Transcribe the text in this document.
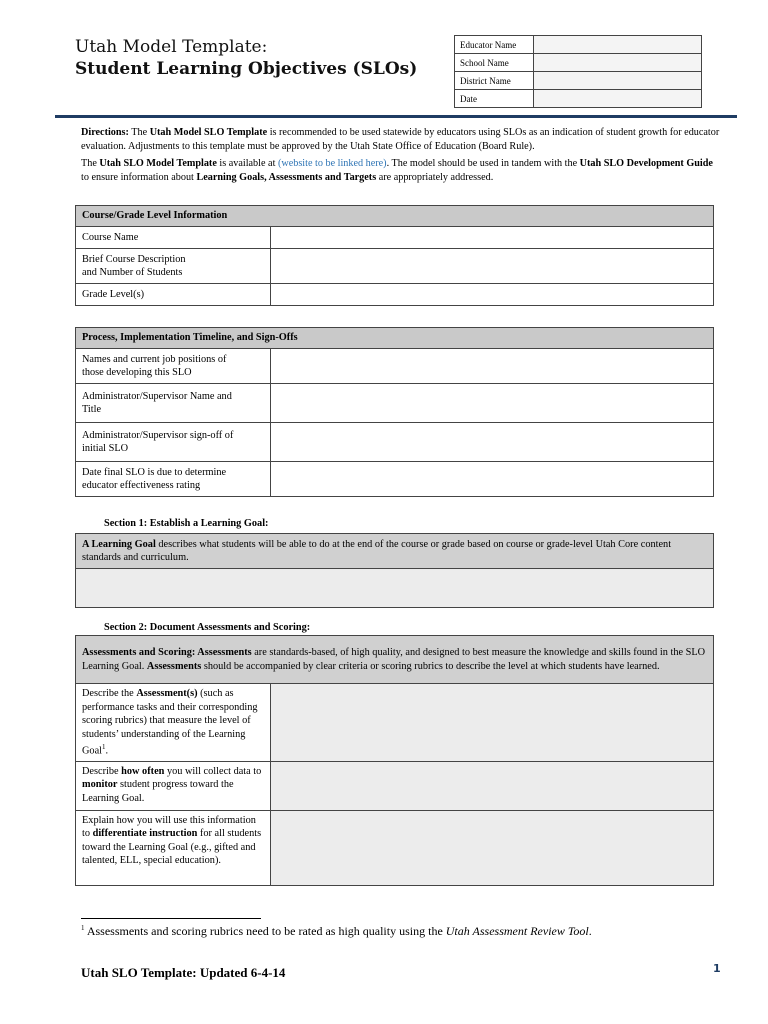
Utah Model Template:
Student Learning Objectives (SLOs)
Educator Name	
School Name	
District Name	
Date	
Directions: The Utah Model SLO Template is recommended to be used statewide by educators using SLOs as an indication of student growth for educator evaluation. Adjustments to this template must be approved by the Utah State Office of Education (Board Rule).
The Utah SLO Model Template is available at (website to be linked here). The model should be used in tandem with the Utah SLO Development Guide to ensure information about Learning Goals, Assessments and Targets are appropriately addressed.
Course/Grade Level Information	
Course Name	
Brief Course Description
and Number of Students	
Grade Level(s)	
Process, Implementation Timeline, and Sign-Offs	
Names and current job positions of
those developing this SLO	
Administrator/Supervisor Name and
Title	
Administrator/Supervisor sign-off of
initial SLO	
Date final SLO is due to determine
educator effectiveness rating	
Section 1: Establish a Learning Goal:
A Learning Goal describes what students will be able to do at the end of the course or grade based on course or grade-level Utah Core content standards and curriculum.

Section 2: Document Assessments and Scoring:
Assessments and Scoring: Assessments are standards-based, of high quality, and designed to best measure the knowledge and skills found in the SLO Learning Goal. Assessments should be accompanied by clear criteria or scoring rubrics to describe the level at which students have learned.	
Describe the Assessment(s) (such as performance tasks and their corresponding scoring rubrics) that measure the level of students’ understanding of the Learning Goal$^1$.	
Describe how often you will collect data to monitor student progress toward the Learning Goal.	
Explain how you will use this information to differentiate instruction for all students toward the Learning Goal (e.g., gifted and talented, ELL, special education).	
$^1$ Assessments and scoring rubrics need to be rated as high quality using the Utah Assessment Review Tool.
Utah SLO Template: Updated 6-4-14	1
